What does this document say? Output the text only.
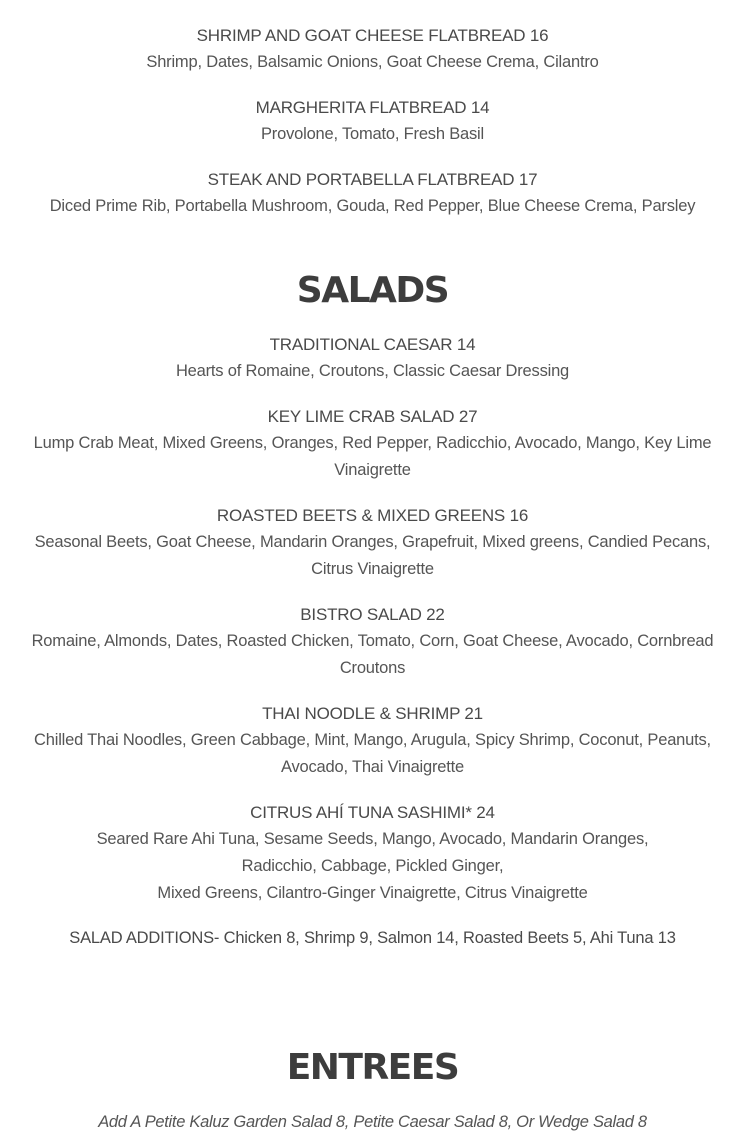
SHRIMP AND GOAT CHEESE FLATBREAD 16
Shrimp, Dates, Balsamic Onions, Goat Cheese Crema, Cilantro
MARGHERITA FLATBREAD 14
Provolone, Tomato, Fresh Basil
STEAK AND PORTABELLA FLATBREAD 17
Diced Prime Rib, Portabella Mushroom, Gouda, Red Pepper, Blue Cheese Crema, Parsley
SALADS
TRADITIONAL CAESAR 14
Hearts of Romaine, Croutons, Classic Caesar Dressing
KEY LIME CRAB SALAD 27
Lump Crab Meat, Mixed Greens, Oranges, Red Pepper, Radicchio, Avocado, Mango, Key Lime Vinaigrette
ROASTED BEETS & MIXED GREENS 16
Seasonal Beets, Goat Cheese, Mandarin Oranges, Grapefruit, Mixed greens, Candied Pecans, Citrus Vinaigrette
BISTRO SALAD 22
Romaine, Almonds, Dates, Roasted Chicken, Tomato, Corn, Goat Cheese, Avocado, Cornbread Croutons
THAI NOODLE & SHRIMP 21
Chilled Thai Noodles, Green Cabbage, Mint, Mango, Arugula, Spicy Shrimp, Coconut, Peanuts, Avocado, Thai Vinaigrette
CITRUS AHÍ TUNA SASHIMI* 24
Seared Rare Ahi Tuna, Sesame Seeds, Mango, Avocado, Mandarin Oranges, Radicchio, Cabbage, Pickled Ginger,
Mixed Greens, Cilantro-Ginger Vinaigrette, Citrus Vinaigrette
SALAD ADDITIONS- Chicken 8, Shrimp 9, Salmon 14, Roasted Beets 5, Ahi Tuna 13
ENTREES
Add A Petite Kaluz Garden Salad 8, Petite Caesar Salad 8, Or Wedge Salad 8
